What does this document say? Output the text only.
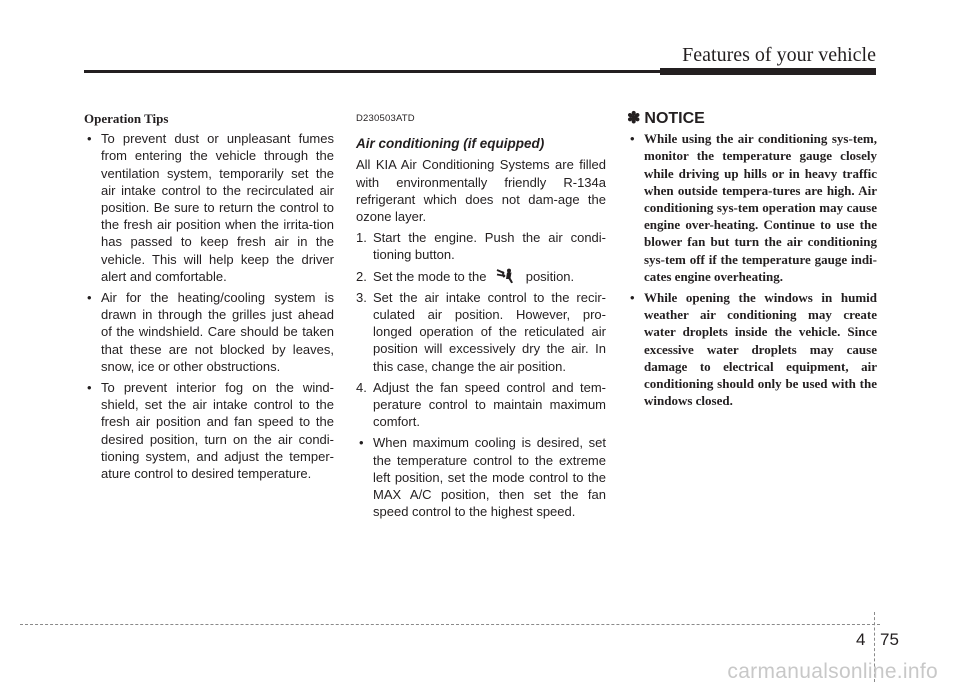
Features of your vehicle
Operation Tips
• To prevent dust or unpleasant fumes from entering the vehicle through the ventilation system, temporarily set the air intake control to the recirculated air position. Be sure to return the control to the fresh air position when the irrita-tion has passed to keep fresh air in the vehicle. This will help keep the driver alert and comfortable.
• Air for the heating/cooling system is drawn in through the grilles just ahead of the windshield. Care should be taken that these are not blocked by leaves, snow, ice or other obstructions.
• To prevent interior fog on the wind-shield, set the air intake control to the fresh air position and fan speed to the desired position, turn on the air condi-tioning system, and adjust the temper-ature control to desired temperature.
D230503ATD
Air conditioning (if equipped)

All KIA Air Conditioning Systems are filled with environmentally friendly R-134a refrigerant which does not dam-age the ozone layer.

1. Start the engine. Push the air condi-tioning button.
2. Set the mode to the	position.
3. Set the air intake control to the recir-culated air position. However, pro-longed operation of the reticulated air position will excessively dry the air. In this case, change the air position.
4. Adjust the fan speed control and tem-perature control to maintain maximum comfort.
• When maximum cooling is desired, set the temperature control to the extreme left position, set the mode control to the MAX A/C position, then set the fan speed control to the highest speed.
✽ NOTICE
• While using the air conditioning sys-tem, monitor the temperature gauge closely while driving up hills or in heavy traffic when outside tempera-tures are high. Air conditioning sys-tem operation may cause engine over-heating. Continue to use the blower fan but turn the air conditioning sys-tem off if the temperature gauge indi-cates engine overheating.
• While opening the windows in humid weather air conditioning may create water droplets inside the vehicle. Since excessive water droplets may cause damage to electrical equipment, air conditioning should only be used with the windows closed.
4 75
carmanualsonline.info
